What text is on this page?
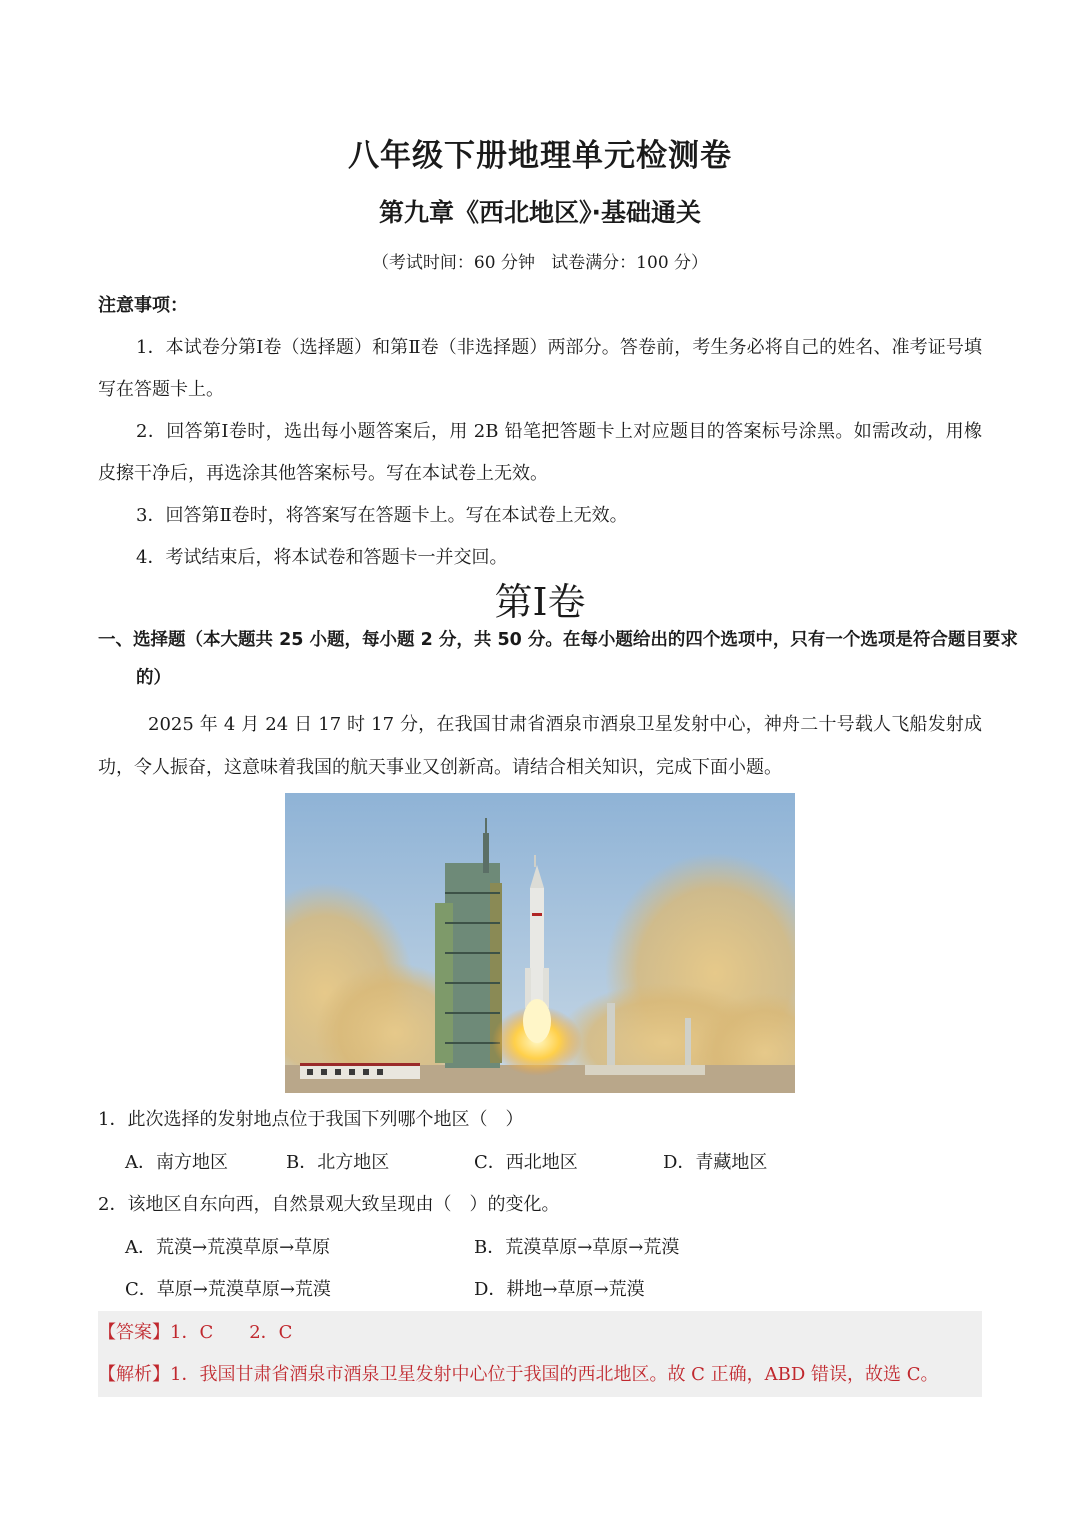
八年级下册地理单元检测卷
第九章《西北地区》·基础通关
（考试时间：60 分钟   试卷满分：100 分）
注意事项：
1．本试卷分第Ⅰ卷（选择题）和第Ⅱ卷（非选择题）两部分。答卷前，考生务必将自己的姓名、准考证号填写在答题卡上。
2．回答第Ⅰ卷时，选出每小题答案后，用 2B 铅笔把答题卡上对应题目的答案标号涂黑。如需改动，用橡皮擦干净后，再选涂其他答案标号。写在本试卷上无效。
3．回答第Ⅱ卷时，将答案写在答题卡上。写在本试卷上无效。
4．考试结束后，将本试卷和答题卡一并交回。
第Ⅰ卷
一、选择题（本大题共 25 小题，每小题 2 分，共 50 分。在每小题给出的四个选项中，只有一个选项是符合题目要求的）
2025 年 4 月 24 日 17 时 17 分，在我国甘肃省酒泉市酒泉卫星发射中心，神舟二十号载人飞船发射成功，令人振奋，这意味着我国的航天事业又创新高。请结合相关知识，完成下面小题。
1．此次选择的发射地点位于我国下列哪个地区（　）
A．南方地区	B．北方地区	C．西北地区	D．青藏地区
2．该地区自东向西，自然景观大致呈现由（　）的变化。
A．荒漠→荒漠草原→草原	B．荒漠草原→草原→荒漠
C．草原→荒漠草原→荒漠	D．耕地→草原→荒漠
【答案】1．C　　2．C
【解析】1．我国甘肃省酒泉市酒泉卫星发射中心位于我国的西北地区。故 C 正确，ABD 错误，故选 C。
